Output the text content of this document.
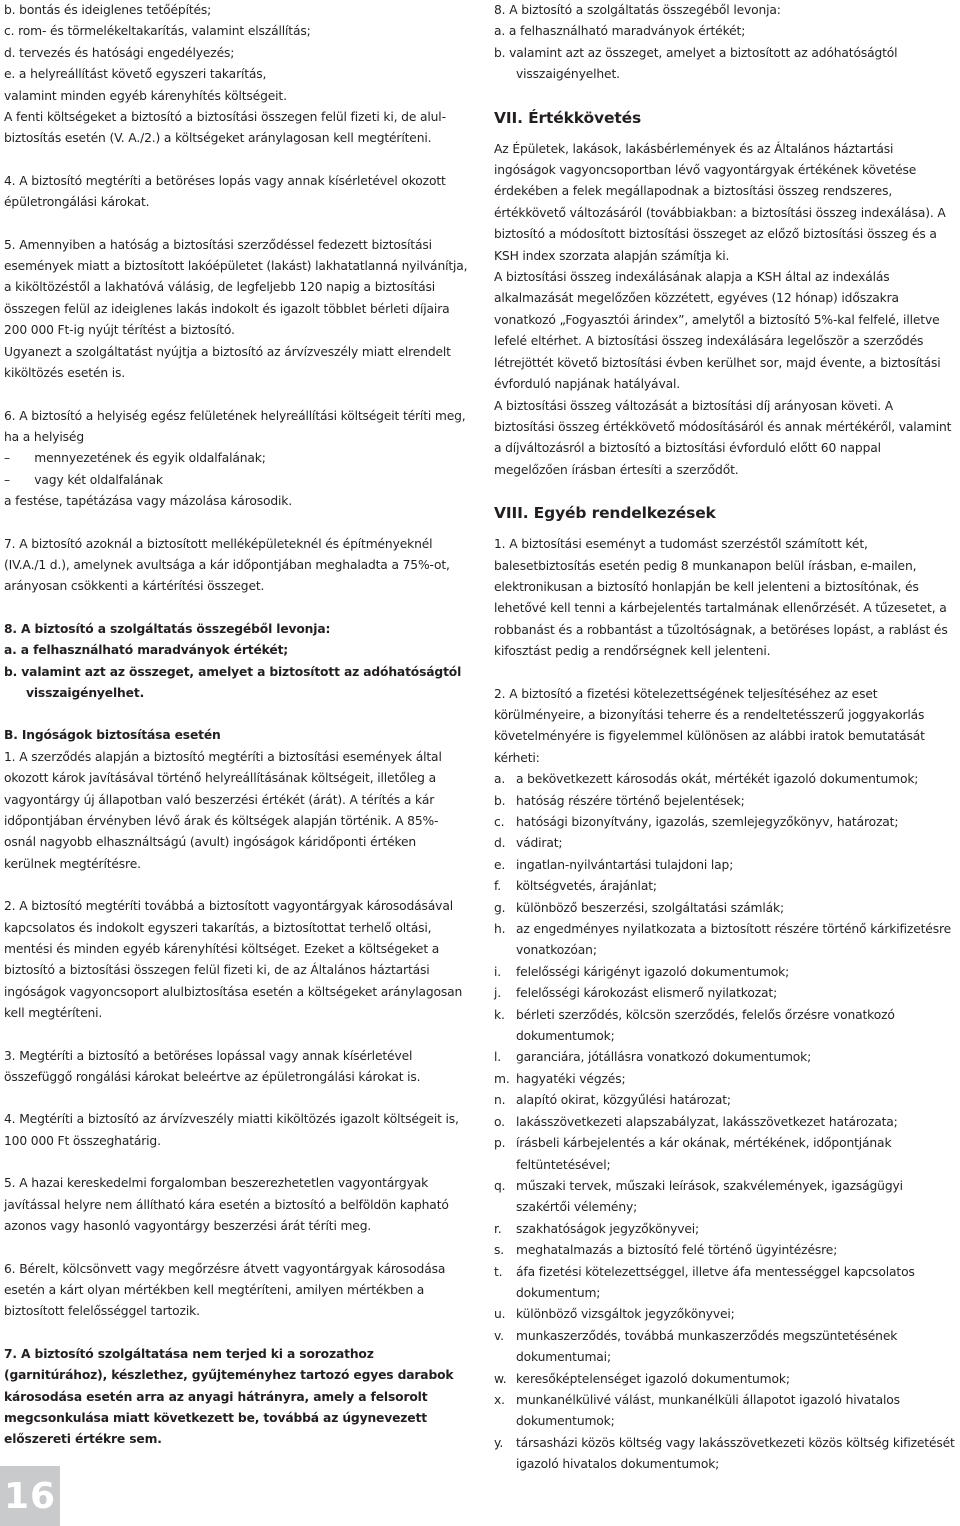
b. bontás és ideiglenes tetőépítés;

c. rom- és törmelékeltakarítás, valamint elszállítás;

d. tervezés és hatósági engedélyezés;

e. a helyreállítást követő egyszeri takarítás,

valamint minden egyéb kárenyhítés költségeit.

A fenti költségeket a biztosító a biztosítási összegen felül fizeti ki, de alul-biztosítás esetén (V. A./2.) a költségeket aránylagosan kell megtéríteni.

4. A biztosító megtéríti a betöréses lopás vagy annak kísérletével okozott épületrongálási károkat.

5. Amennyiben a hatóság a biztosítási szerződéssel fedezett biztosítási események miatt a biztosított lakóépületet (lakást) lakhatatlanná nyilvánítja, a kiköltözéstől a lakhatóvá válásig, de legfeljebb 120 napig a biztosítási összegen felül az ideiglenes lakás indokolt és igazolt többlet bérleti díjaira 200 000 Ft-ig nyújt térítést a biztosító.

Ugyanezt a szolgáltatást nyújtja a biztosító az árvízveszély miatt elrendelt kiköltözés esetén is.

6. A biztosító a helyiség egész felületének helyreállítási költségeit téríti meg, ha a helyiség

–  mennyezetének és egyik oldalfalának;

–  vagy két oldalfalának

a festése, tapétázása vagy mázolása károsodik.

7. A biztosító azoknál a biztosított melléképületeknél és építményeknél (IV.A./1 d.), amelynek avultsága a kár időpontjában meghaladta a 75%-ot, arányosan csökkenti a kártérítési összeget.

8. A biztosító a szolgáltatás összegéből levonja:

a. a felhasználható maradványok értékét;

b. valamint azt az összeget, amelyet a biztosított az adóhatóságtól visszaigényelhet.

B. Ingóságok biztosítása esetén

1. A szerződés alapján a biztosító megtéríti a biztosítási események által okozott károk javításával történő helyreállításának költségeit, illetőleg a vagyontárgy új állapotban való beszerzési értékét (árát). A térítés a kár időpontjában érvényben lévő árak és költségek alapján történik. A 85%-osnál nagyobb elhasználtságú (avult) ingóságok káridőponti értéken kerülnek megtérítésre.

2. A biztosító megtéríti továbbá a biztosított vagyontárgyak károsodásával kapcsolatos és indokolt egyszeri takarítás, a biztosítottat terhelő oltási, mentési és minden egyéb kárenyhítési költséget. Ezeket a költségeket a biztosító a biztosítási összegen felül fizeti ki, de az Általános háztartási ingóságok vagyoncsoport alulbiztosítása esetén a költségeket aránylagosan kell megtéríteni.

3. Megtéríti a biztosító a betöréses lopással vagy annak kísérletével összefüggő rongálási károkat beleértve az épületrongálási károkat is.

4. Megtéríti a biztosító az árvízveszély miatti kiköltözés igazolt költségeit is, 100 000 Ft összeghatárig.

5. A hazai kereskedelmi forgalomban beszerezhetetlen vagyontárgyak javítással helyre nem állítható kára esetén a biztosító a belföldön kapható azonos vagy hasonló vagyontárgy beszerzési árát téríti meg.

6. Bérelt, kölcsönvett vagy megőrzésre átvett vagyontárgyak károsodása esetén a kárt olyan mértékben kell megtéríteni, amilyen mértékben a biztosított felelősséggel tartozik.

7. A biztosító szolgáltatása nem terjed ki a sorozathoz (garnitúrához), készlethez, gyűjteményhez tartozó egyes darabok károsodása esetén arra az anyagi hátrányra, amely a felsorolt megcsonkulása miatt következett be, továbbá az úgynevezett előszereti értékre sem.

8. A biztosító a szolgáltatás összegéből levonja:

a. a felhasználható maradványok értékét;

b. valamint azt az összeget, amelyet a biztosított az adóhatóságtól visszaigényelhet.

VII. Értékkövetés

Az Épületek, lakások, lakásbérlemények és az Általános háztartási ingóságok vagyoncsoportban lévő vagyontárgyak értékének követése érdekében a felek megállapodnak a biztosítási összeg rendszeres, értékkövető változásáról (továbbiakban: a biztosítási összeg indexálása). A biztosító a módosított biztosítási összeget az előző biztosítási összeg és a KSH index szorzata alapján számítja ki.

A biztosítási összeg indexálásának alapja a KSH által az indexálás alkalmazását megelőzően közzétett, egyéves (12 hónap) időszakra vonatkozó „Fogyasztói árindex”, amelytől a biztosító 5%-kal felfelé, illetve lefelé eltérhet. A biztosítási összeg indexálására legelőször a szerződés létrejöttét követő biztosítási évben kerülhet sor, majd évente, a biztosítási évforduló napjának hatályával.

A biztosítási összeg változását a biztosítási díj arányosan követi. A biztosítási összeg értékkövető módosításáról és annak mértékéről, valamint a díjváltozásról a biztosító a biztosítási évforduló előtt 60 nappal megelőzően írásban értesíti a szerződőt.

VIII. Egyéb rendelkezések

1. A biztosítási eseményt a tudomást szerzéstől számított két, balesetbiztosítás esetén pedig 8 munkanapon belül írásban, e-mailen, elektronikusan a biztosító honlapján be kell jelenteni a biztosítónak, és lehetővé kell tenni a kárbejelentés tartalmának ellenőrzését. A tűzesetet, a robbanást és a robbantást a tűzoltóságnak, a betöréses lopást, a rablást és kifosztást pedig a rendőrségnek kell jelenteni.

2. A biztosító a fizetési kötelezettségének teljesítéséhez az eset körülményeire, a bizonyítási teherre és a rendeltetésszerű joggyakorlás követelményére is figyelemmel különösen az alábbi iratok bemutatását kérheti:

a. a bekövetkezett károsodás okát, mértékét igazoló dokumentumok;
b. hatóság részére történő bejelentések;
c. hatósági bizonyítvány, igazolás, szemlejegyzőkönyv, határozat;
d. vádirat;
e. ingatlan-nyilvántartási tulajdoni lap;
f.	költségvetés, árajánlat;
g. különböző beszerzési, szolgáltatási számlák;
h. az engedményes nyilatkozata a biztosított részére történő kárkifizetésre vonatkozóan;
i.	felelősségi kárigényt igazoló dokumentumok;
j.	felelősségi károkozást elismerő nyilatkozat;
k. bérleti szerződés, kölcsön szerződés, felelős őrzésre vonatkozó dokumentumok;
l.	garanciára, jótállásra vonatkozó dokumentumok;
m. hagyatéki végzés;
n. alapító okirat, közgyűlési határozat;
o. lakásszövetkezeti alapszabályzat, lakásszövetkezet határozata;
p. írásbeli kárbejelentés a kár okának, mértékének, időpontjának feltüntetésével;
q. műszaki tervek, műszaki leírások, szakvélemények, igazságügyi szakértői vélemény;
r.	szakhatóságok jegyzőkönyvei;
s. meghatalmazás a biztosító felé történő ügyintézésre;
t.	áfa fizetési kötelezettséggel, illetve áfa mentességgel kapcsolatos dokumentum;
u. különböző vizsgáltok jegyzőkönyvei;
v. munkaszerződés, továbbá munkaszerződés megszüntetésének dokumentumai;
w. keresőképtelenséget igazoló dokumentumok;
x. munkanélkülivé válást, munkanélküli állapotot igazoló hivatalos dokumentumok;
y.	társasházi közös költség vagy lakásszövetkezeti közös költség kifizetését igazoló hivatalos dokumentumok;
16
